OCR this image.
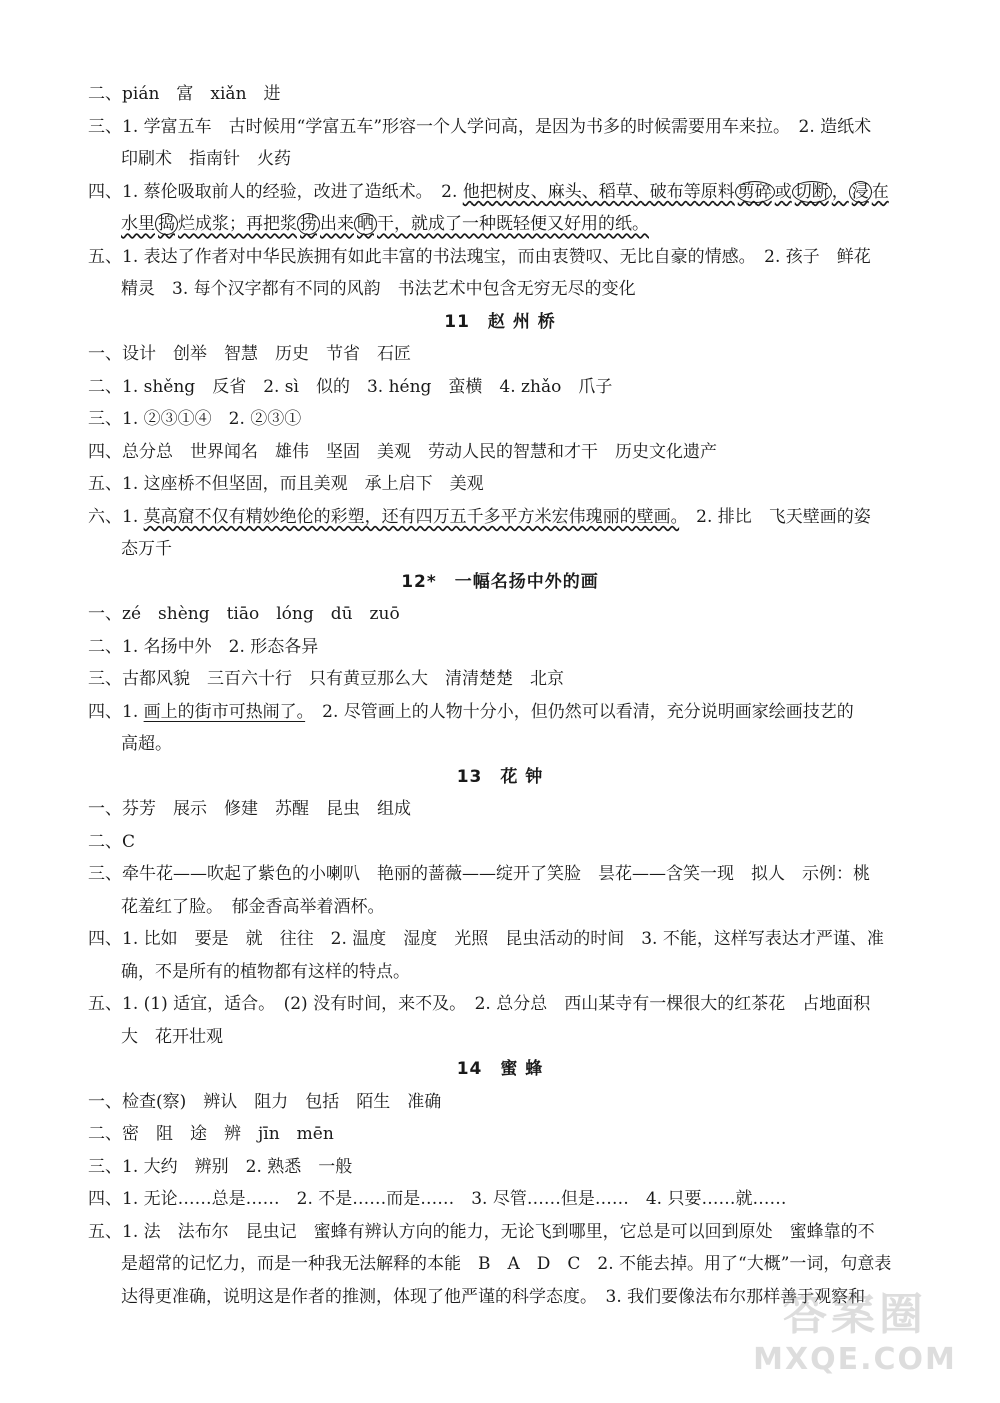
二、pián　富　xiǎn　进
三、1. 学富五车　古时候用“学富五车”形容一个人学问高，是因为书多的时候需要用车来拉。　2. 造纸术
印刷术　指南针　火药
四、1. 蔡伦吸取前人的经验，改进了造纸术。　2. 他把树皮、麻头、稻草、破布等原料 剪碎 或 切断 ， 浸 在
水里 捣 烂成浆；再把浆 捞 出来 晒 干，就成了一种既轻便又好用的纸。
五、1. 表达了作者对中华民族拥有如此丰富的书法瑰宝，而由衷赞叹、无比自豪的情感。　2. 孩子　鲜花
精灵　3. 每个汉字都有不同的风韵　书法艺术中包含无穷无尽的变化
11　赵 州 桥
一、设计　创举　智慧　历史　节省　石匠
二、1. shěng　反省　2. sì　似的　3. héng　蛮横　4. zhǎo　爪子
三、1. ②③①④　2. ②③①
四、总分总　世界闻名　雄伟　坚固　美观　劳动人民的智慧和才干　历史文化遗产
五、1. 这座桥不但坚固，而且美观　承上启下　美观
六、1. 莫高窟不仅有精妙绝伦的彩塑，还有四万五千多平方米宏伟瑰丽的壁画。　2. 排比　飞天壁画的姿
态万千
12*　一幅名扬中外的画
一、zé　shèng　tiāo　lóng　dū　zuō
二、1. 名扬中外　2. 形态各异
三、古都风貌　三百六十行　只有黄豆那么大　清清楚楚　北京
四、1. 画上的街市可热闹了。　2. 尽管画上的人物十分小，但仍然可以看清，充分说明画家绘画技艺的
高超。
13　花 钟
一、芬芳　展示　修建　苏醒　昆虫　组成
二、C
三、牵牛花——吹起了紫色的小喇叭　艳丽的蔷薇——绽开了笑脸　昙花——含笑一现　拟人　示例：桃
花羞红了脸。　郁金香高举着酒杯。
四、1. 比如　要是　就　往往　2. 温度　湿度　光照　昆虫活动的时间　3. 不能，这样写表达才严谨、准
确，不是所有的植物都有这样的特点。
五、1. (1) 适宜，适合。　(2) 没有时间，来不及。　2. 总分总　西山某寺有一棵很大的红茶花　占地面积
大　花开壮观
14　蜜 蜂
一、检查(察)　辨认　阻力　包括　陌生　准确
二、密　阻　途　辨　jīn　mēn
三、1. 大约　辨别　2. 熟悉　一般
四、1. 无论……总是……　2. 不是……而是……　3. 尽管……但是……　4. 只要……就……
五、1. 法　法布尔　昆虫记　蜜蜂有辨认方向的能力，无论飞到哪里，它总是可以回到原处　蜜蜂靠的不
是超常的记忆力，而是一种我无法解释的本能　B　A　D　C　2. 不能去掉。用了“大概”一词，句意表
达得更准确，说明这是作者的推测，体现了他严谨的科学态度。　3. 我们要像法布尔那样善于观察和
答案圈
MXQE.COM
